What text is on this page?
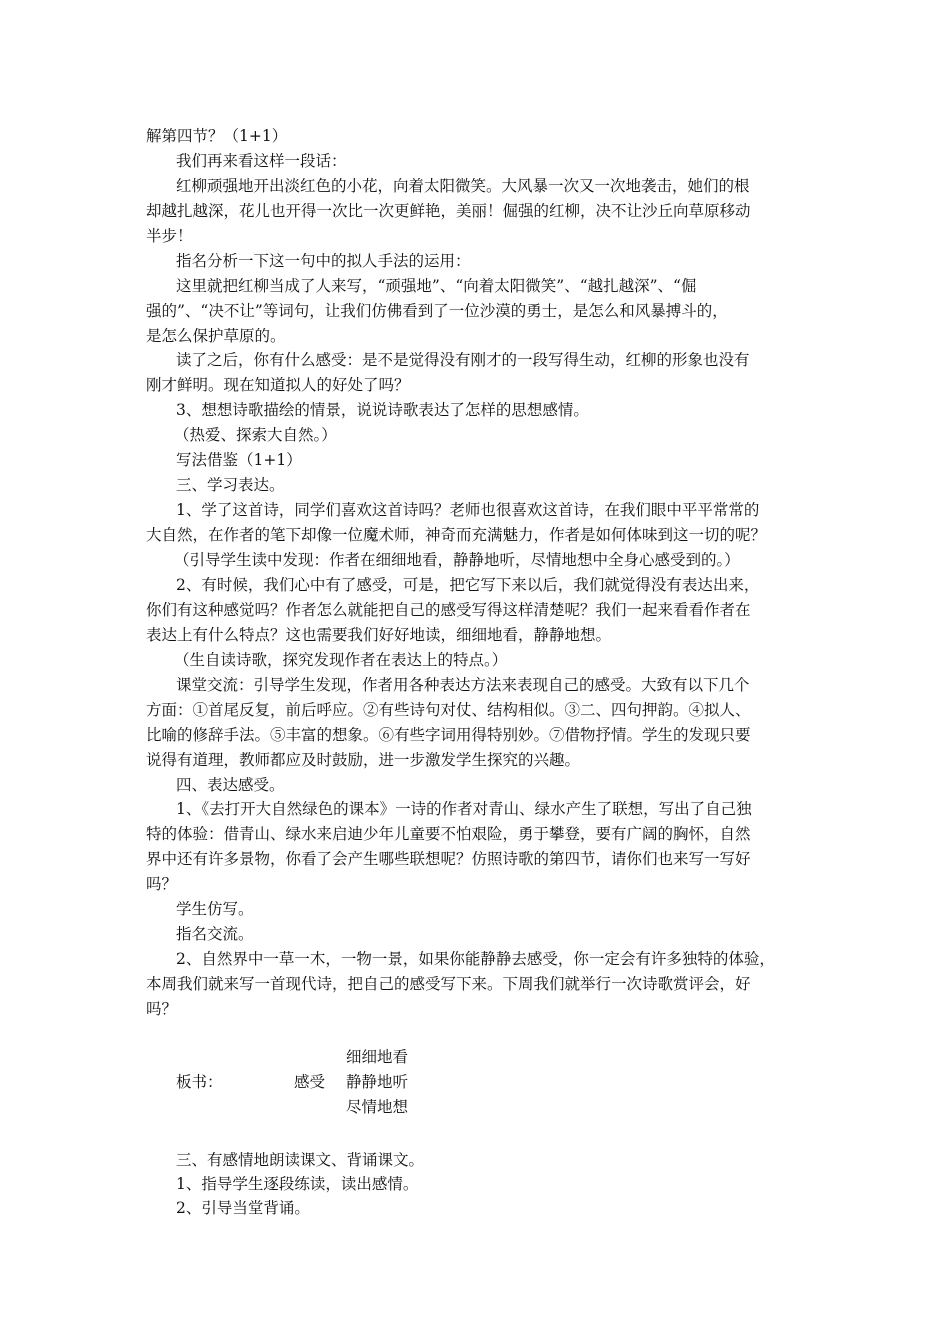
解第四节？（1+1）
我们再来看这样一段话：
红柳顽强地开出淡红色的小花，向着太阳微笑。大风暴一次又一次地袭击，她们的根
却越扎越深，花儿也开得一次比一次更鲜艳，美丽！倔强的红柳，决不让沙丘向草原移动
半步！
指名分析一下这一句中的拟人手法的运用：
这里就把红柳当成了人来写，“顽强地”、“向着太阳微笑”、“越扎越深”、“倔
强的”、“决不让”等词句，让我们仿佛看到了一位沙漠的勇士，是怎么和风暴搏斗的，
是怎么保护草原的。
读了之后，你有什么感受：是不是觉得没有刚才的一段写得生动，红柳的形象也没有
刚才鲜明。现在知道拟人的好处了吗？
3、想想诗歌描绘的情景，说说诗歌表达了怎样的思想感情。
（热爱、探索大自然。）
写法借鉴（1+1）
三、学习表达。
1、学了这首诗，同学们喜欢这首诗吗？老师也很喜欢这首诗，在我们眼中平平常常的
大自然，在作者的笔下却像一位魔术师，神奇而充满魅力，作者是如何体味到这一切的呢？
（引导学生读中发现：作者在细细地看，静静地听，尽情地想中全身心感受到的。）
2、有时候，我们心中有了感受，可是，把它写下来以后，我们就觉得没有表达出来，
你们有这种感觉吗？作者怎么就能把自己的感受写得这样清楚呢？我们一起来看看作者在
表达上有什么特点？这也需要我们好好地读，细细地看，静静地想。
（生自读诗歌，探究发现作者在表达上的特点。）
课堂交流：引导学生发现，作者用各种表达方法来表现自己的感受。大致有以下几个
方面：①首尾反复，前后呼应。②有些诗句对仗、结构相似。③二、四句押韵。④拟人、
比喻的修辞手法。⑤丰富的想象。⑥有些字词用得特别妙。⑦借物抒情。学生的发现只要
说得有道理，教师都应及时鼓励，进一步激发学生探究的兴趣。
四、表达感受。
1、《去打开大自然绿色的课本》一诗的作者对青山、绿水产生了联想，写出了自己独
特的体验：借青山、绿水来启迪少年儿童要不怕艰险，勇于攀登，要有广阔的胸怀，自然
界中还有许多景物，你看了会产生哪些联想呢？仿照诗歌的第四节，请你们也来写一写好
吗？
学生仿写。
指名交流。
2、自然界中一草一木，一物一景，如果你能静静去感受，你一定会有许多独特的体验，
本周我们就来写一首现代诗，把自己的感受写下来。下周我们就举行一次诗歌赏评会，好
吗？
细细地看
板书：	感受 静静地听
尽情地想
三、有感情地朗读课文、背诵课文。
1、指导学生逐段练读，读出感情。
2、引导当堂背诵。
